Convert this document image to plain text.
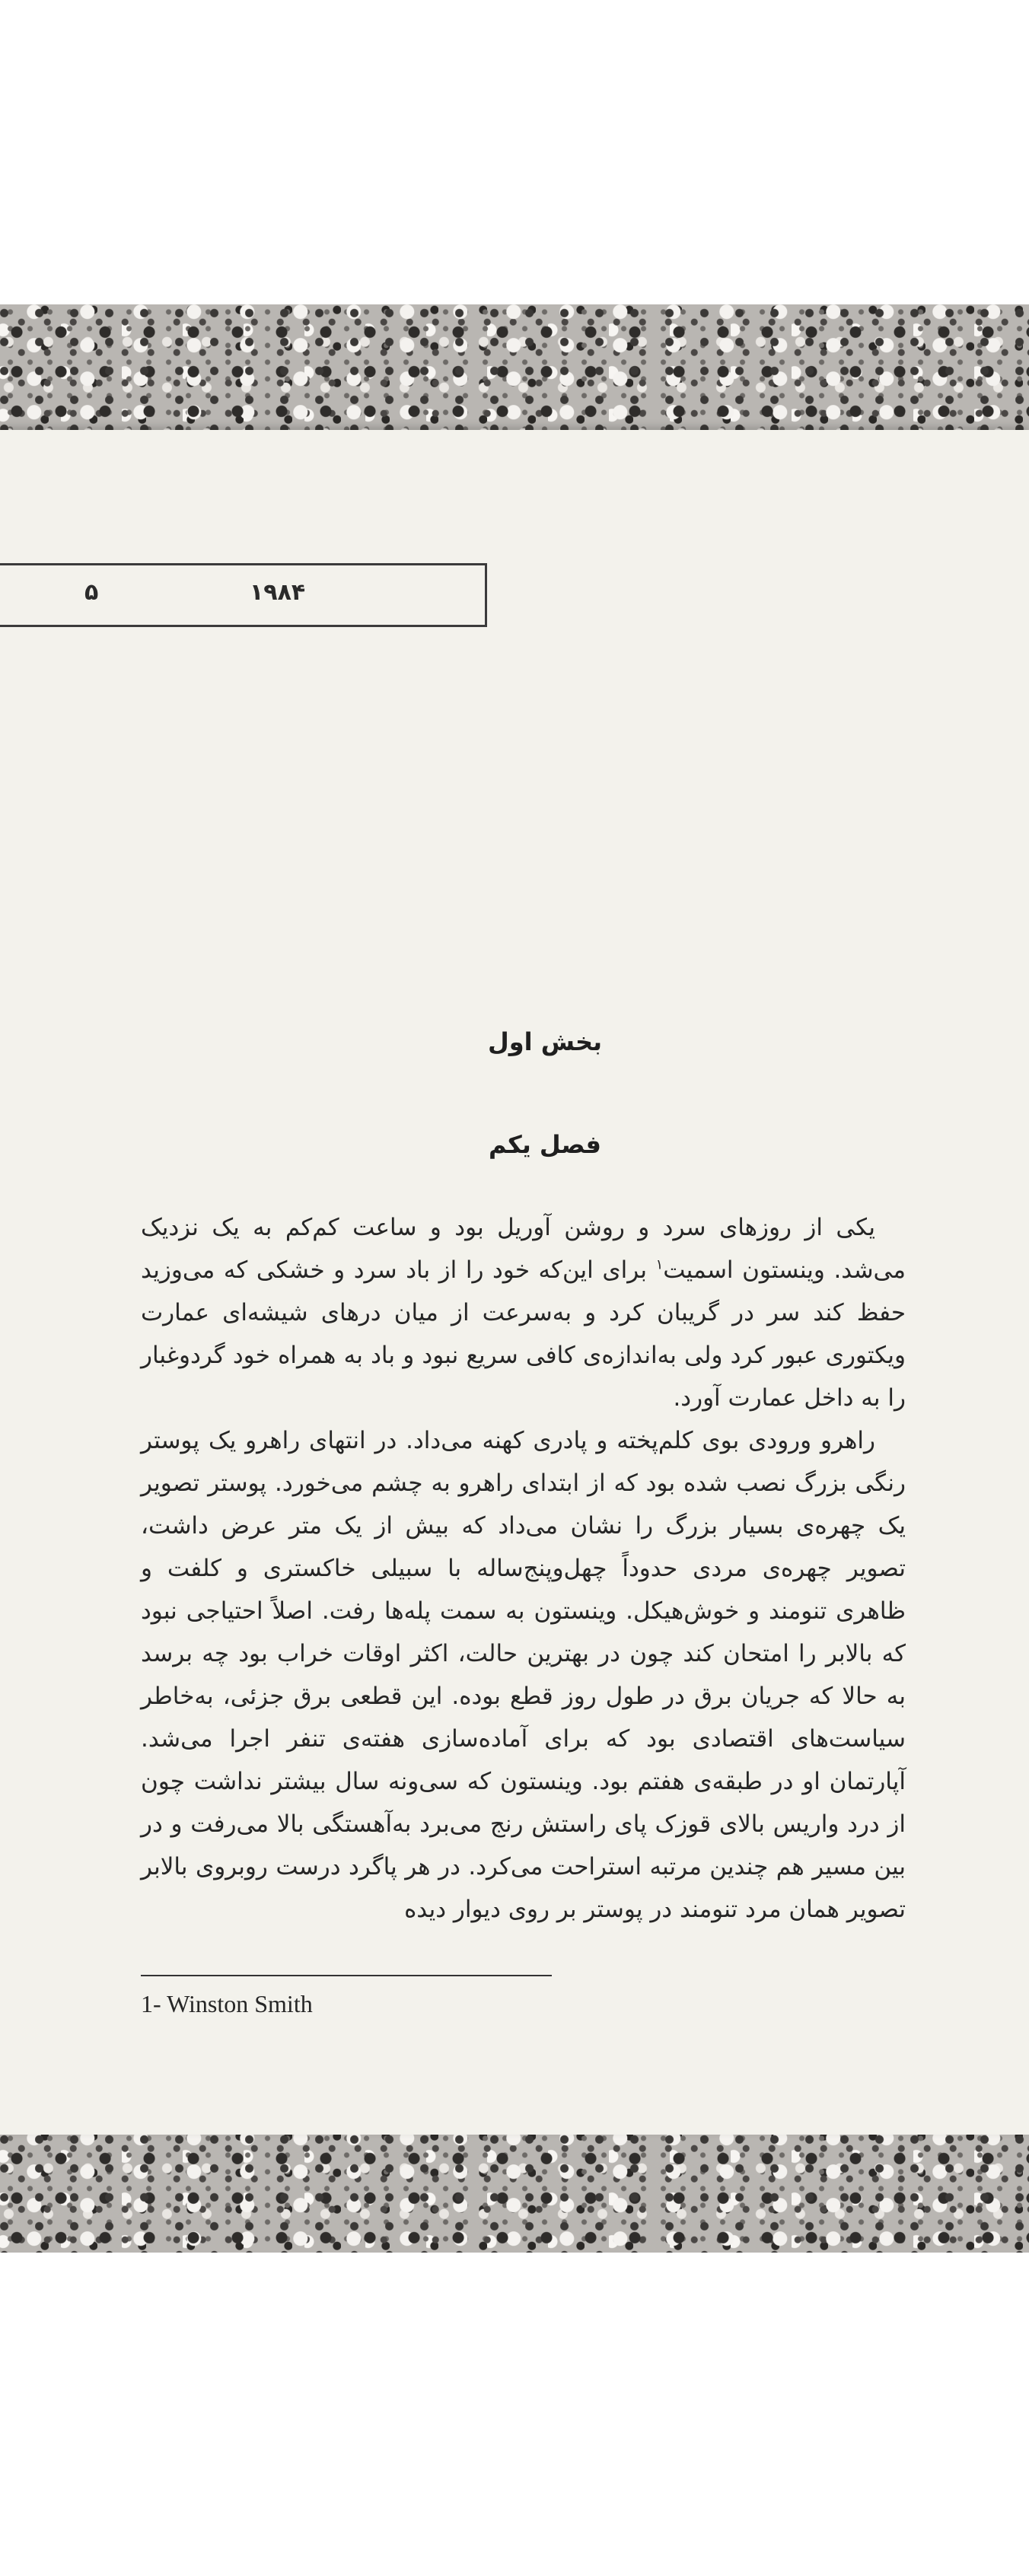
۵	۱۹۸۴
بخش اول
فصل یکم

یکی از روزهای سرد و روشن آوریل بود و ساعت کم‌کم به یک نزدیک می‌شد. وینستون اسمیت$^۱$ برای این‌که خود را از باد سرد و خشکی که می‌وزید حفظ کند سر در گریبان کرد و به‌سرعت از میان درهای شیشه‌ای عمارت ویکتوری عبور کرد ولی به‌اندازه‌ی کافی سریع نبود و باد به همراه خود گردوغبار را به داخل عمارت آورد.

راهرو ورودی بوی کلم‌پخته و پادری کهنه می‌داد. در انتهای راهرو یک پوستر رنگی بزرگ نصب شده بود که از ابتدای راهرو به چشم می‌خورد. پوستر تصویر یک چهره‌ی بسیار بزرگ را نشان می‌داد که بیش از یک متر عرض داشت، تصویر چهره‌ی مردی حدوداً چهل‌وپنج‌ساله با سبیلی خاکستری و کلفت و ظاهری تنومند و خوش‌هیکل. وینستون به سمت پله‌ها رفت. اصلاً احتیاجی نبود که بالابر را امتحان کند چون در بهترین حالت، اکثر اوقات خراب بود چه برسد به حالا که جریان برق در طول روز قطع بوده. این قطعی برق جزئی، به‌خاطر سیاست‌های اقتصادی بود که برای آماده‌سازی هفته‌ی تنفر اجرا می‌شد. آپارتمان او در طبقه‌ی هفتم بود. وینستون که سی‌ونه سال بیشتر نداشت چون از درد واریس بالای قوزک پای راستش رنج می‌برد به‌آهستگی بالا می‌رفت و در بین مسیر هم چندین مرتبه استراحت می‌کرد. در هر پاگرد درست روبروی بالابر تصویر همان مرد تنومند در پوستر بر روی دیوار دیده

1- Winston Smith
